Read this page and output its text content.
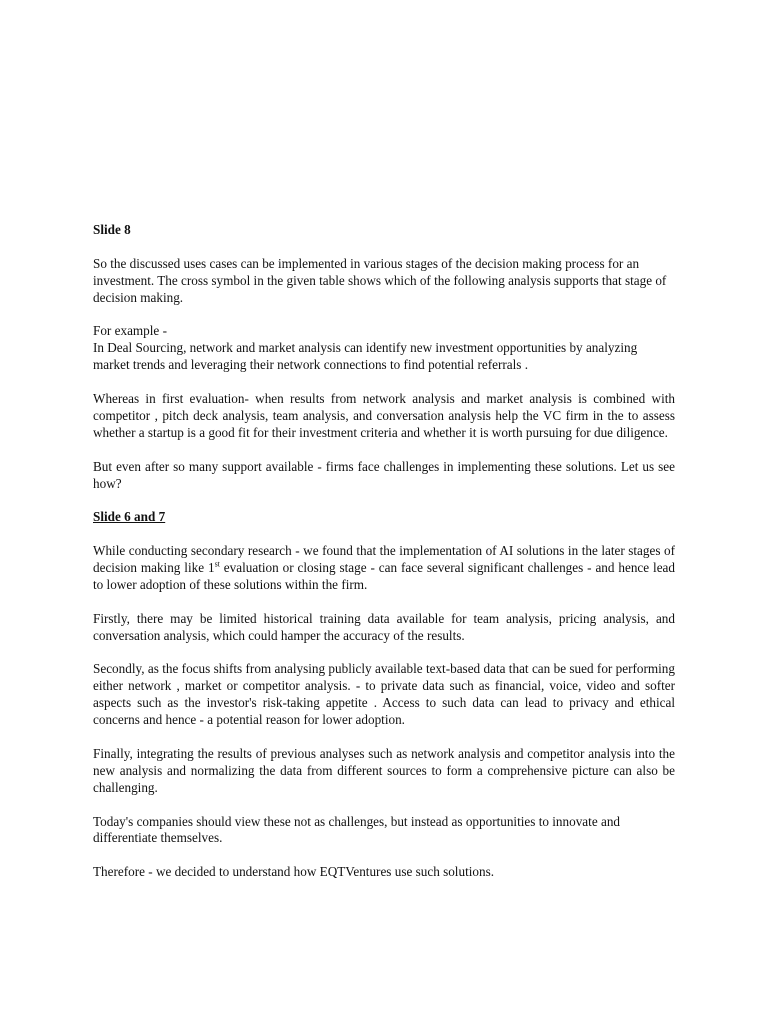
Slide 8

So the discussed uses cases can be implemented in various stages of the decision making process for an investment. The cross symbol in the given table shows which of the following analysis supports that stage of decision making.

For example -
In Deal Sourcing, network and market analysis can identify new investment opportunities by analyzing market trends and leveraging their network connections to find potential referrals .

Whereas in first evaluation- when results from network analysis and market analysis is combined with competitor , pitch deck analysis, team analysis, and conversation analysis help the VC firm in the to assess whether a startup is a good fit for their investment criteria and whether it is worth pursuing for due diligence.

But even after so many support available - firms face challenges in implementing these solutions. Let us see how?

Slide 6 and 7

While conducting secondary research - we found that the implementation of AI solutions in the later stages of decision making like 1st evaluation or closing stage - can face several significant challenges - and hence lead to lower adoption of these solutions within the firm.

Firstly, there may be limited historical training data available for team analysis, pricing analysis, and conversation analysis, which could hamper the accuracy of the results.

Secondly, as the focus shifts from analysing publicly available text-based data that can be sued for performing either network , market or competitor analysis. - to private data such as financial, voice, video and softer aspects such as the investor's risk-taking appetite . Access to such data can lead to privacy and ethical concerns and hence - a potential reason for lower adoption.

Finally, integrating the results of previous analyses such as network analysis and competitor analysis into the new analysis and normalizing the data from different sources to form a comprehensive picture can also be challenging.

Today's companies should view these not as challenges, but instead as opportunities to innovate and differentiate themselves.

Therefore - we decided to understand how EQTVentures use such solutions.
